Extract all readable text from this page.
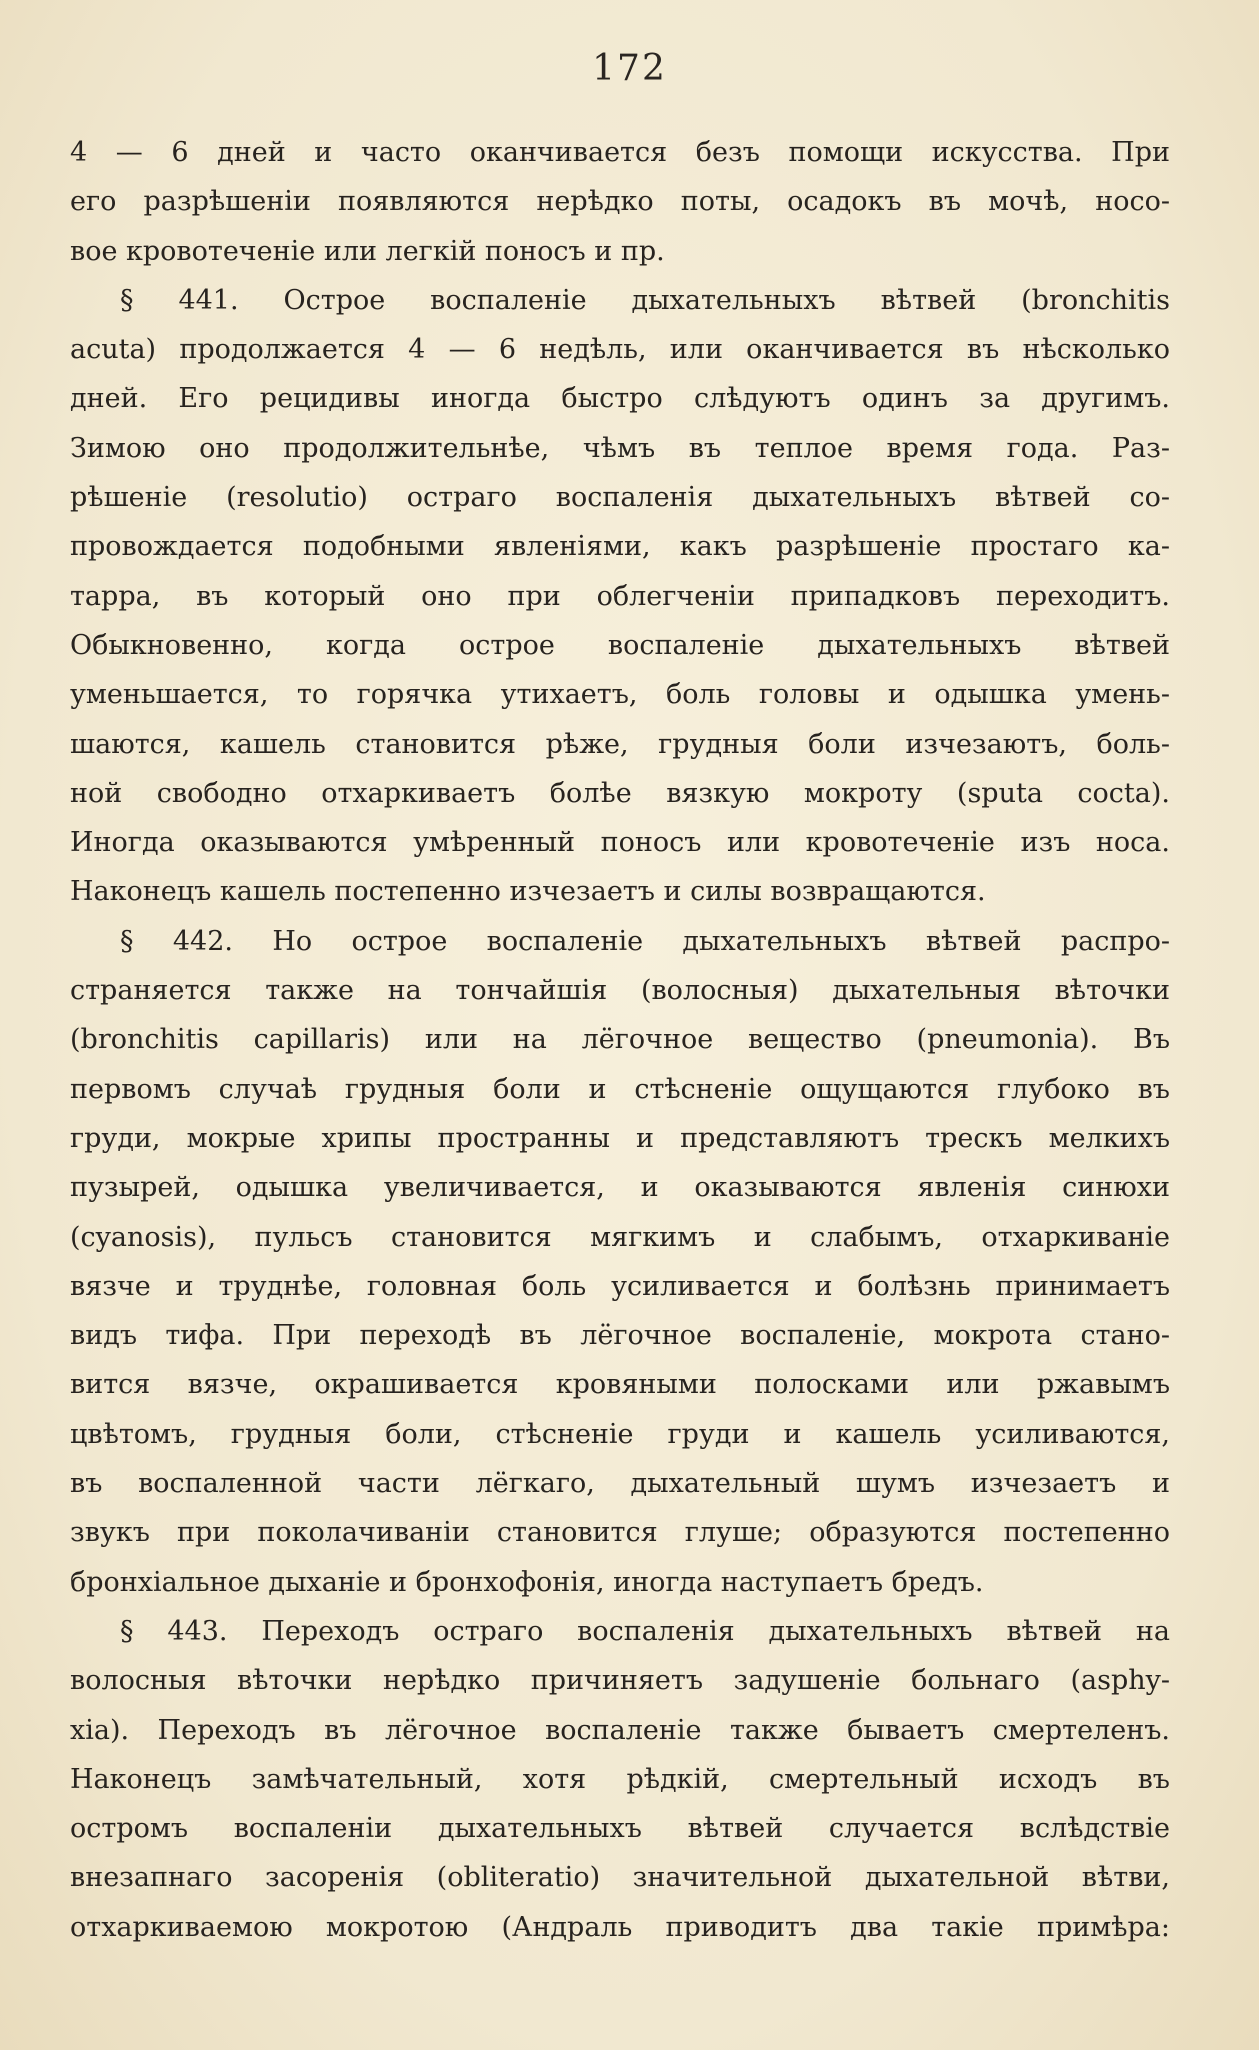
172
4 — 6 дней и часто оканчивается безъ помощи искусства. При
его разрѣшеніи появляются нерѣдко поты, осадокъ въ мочѣ, носо-
вое кровотеченіе или легкій поносъ и пр.
§ 441. Острое воспаленіе дыхательныхъ вѣтвей (bronchitis
acuta) продолжается 4 — 6 недѣль, или оканчивается въ нѣсколько
дней. Его рецидивы иногда быстро слѣдуютъ одинъ за другимъ.
Зимою оно продолжительнѣе, чѣмъ въ теплое время года. Раз-
рѣшеніе (resolutio) остраго воспаленія дыхательныхъ вѣтвей со-
провождается подобными явленіями, какъ разрѣшеніе простаго ка-
тарра, въ который оно при облегченіи припадковъ переходитъ.
Обыкновенно, когда острое воспаленіе дыхательныхъ вѣтвей
уменьшается, то горячка утихаетъ, боль головы и одышка умень-
шаются, кашель становится рѣже, грудныя боли изчезаютъ, боль-
ной свободно отхаркиваетъ болѣе вязкую мокроту (sputa cocta).
Иногда оказываются умѣренный поносъ или кровотеченіе изъ носа.
Наконецъ кашель постепенно изчезаетъ и силы возвращаются.
§ 442. Но острое воспаленіе дыхательныхъ вѣтвей распро-
страняется также на тончайшія (волосныя) дыхательныя вѣточки
(bronchitis capillaris) или на лёгочное вещество (pneumonia). Въ
первомъ случаѣ грудныя боли и стѣсненіе ощущаются глубоко въ
груди, мокрые хрипы пространны и представляютъ трескъ мелкихъ
пузырей, одышка увеличивается, и оказываются явленія синюхи
(cyanosis), пульсъ становится мягкимъ и слабымъ, отхаркиваніе
вязче и труднѣе, головная боль усиливается и болѣзнь принимаетъ
видъ тифа. При переходѣ въ лёгочное воспаленіе, мокрота стано-
вится вязче, окрашивается кровяными полосками или ржавымъ
цвѣтомъ, грудныя боли, стѣсненіе груди и кашель усиливаются,
въ воспаленной части лёгкаго, дыхательный шумъ изчезаетъ и
звукъ при поколачиваніи становится глуше; образуются постепенно
бронхіальное дыханіе и бронхофонія, иногда наступаетъ бредъ.
§ 443. Переходъ остраго воспаленія дыхательныхъ вѣтвей на
волосныя вѣточки нерѣдко причиняетъ задушеніе больнаго (asphy-
xia). Переходъ въ лёгочное воспаленіе также бываетъ смертеленъ.
Наконецъ замѣчательный, хотя рѣдкій, смертельный исходъ въ
остромъ воспаленіи дыхательныхъ вѣтвей случается вслѣдствіе
внезапнаго засоренія (obliteratio) значительной дыхательной вѣтви,
отхаркиваемою мокротою (Андраль приводитъ два такіе примѣра:
